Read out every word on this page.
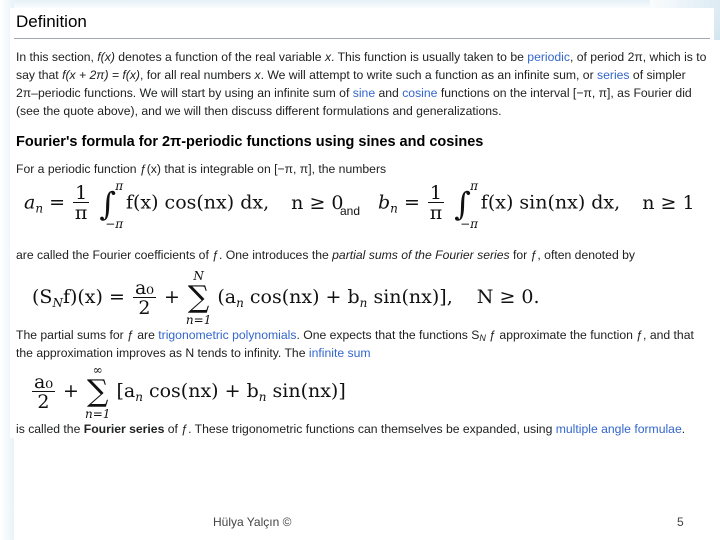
Definition
In this section, f(x) denotes a function of the real variable x. This function is usually taken to be periodic, of period 2π, which is to
say that f(x + 2π) = f(x), for all real numbers x. We will attempt to write such a function as an infinite sum, or series of simpler
2π–periodic functions. We will start by using an infinite sum of sine and cosine functions on the interval [−π, π], as Fourier did
(see the quote above), and we will then discuss different formulations and generalizations.
Fourier's formula for 2π-periodic functions using sines and cosines
For a periodic function ƒ(x) that is integrable on [−π, π], the numbers
$a_n = \frac{1}{\pi}$ ∫ π
−π
f(x) cos(nx) dx, n ≥ 0
and $b_n = \frac{1}{\pi}$ ∫ π
−π
f(x) sin(nx) dx, n ≥ 1
are called the Fourier coefficients of ƒ. One introduces the partial sums of the Fourier series for ƒ, often denoted by
$(S_Nf)(x) = \frac{\text{a₀}}{2}$ +
N
∑
n=1
($a_n$ $\cos(nx) + b_n$ sin(nx)], N ≥ 0.
The partial sums for ƒ are trigonometric polynomials. One expects that the functions $S_N$ ƒ approximate the function ƒ, and that
the approximation improves as N tends to infinity. The infinite sum
$\frac{\text{a₀}}{2}$ +
∞
∑
n=1
[$a_n$ $\cos(nx) + b_n$ sin(nx)]
is called the Fourier series of ƒ. These trigonometric functions can themselves be expanded, using multiple angle formulae.
Hülya Yalçın ©	5
